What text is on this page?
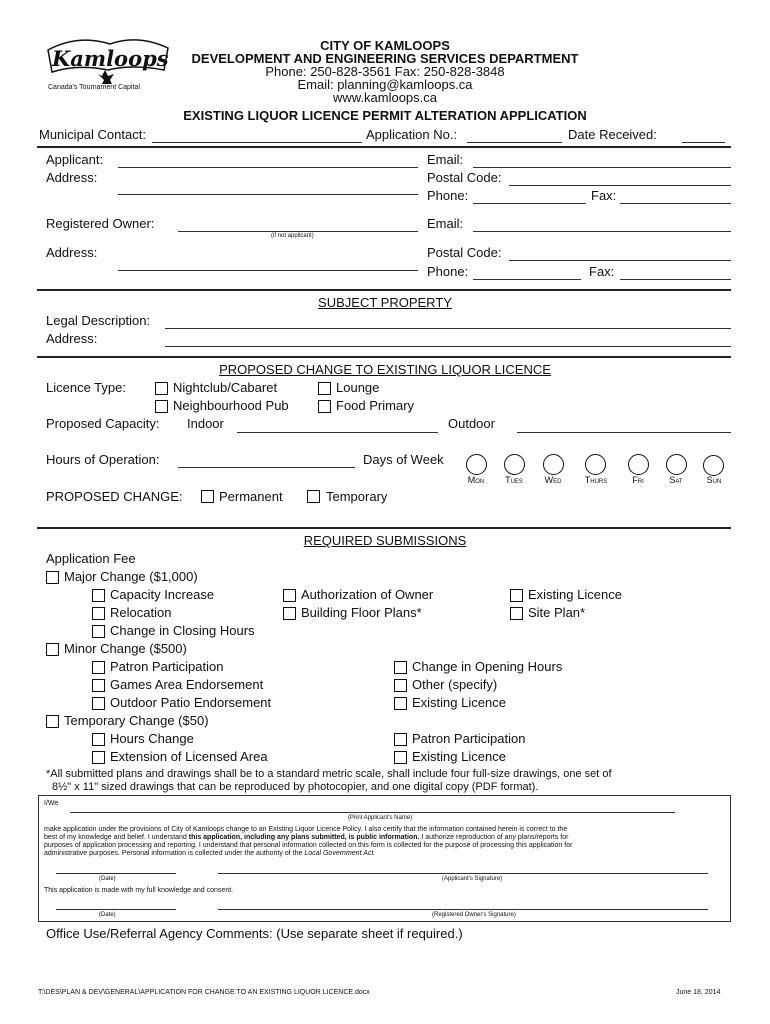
Kamloops
Canada's Tournament Capital
CITY OF KAMLOOPS
DEVELOPMENT AND ENGINEERING SERVICES DEPARTMENT
Phone: 250-828-3561 Fax: 250-828-3848
Email: planning@kamloops.ca
www.kamloops.ca
EXISTING LIQUOR LICENCE PERMIT ALTERATION APPLICATION
Municipal Contact:	Application No.:	Date Received:
Applicant:	Email:
Address:	Postal Code:
Phone:	Fax:
Registered Owner:
(if not applicant)
Email:
Address:	Postal Code:
Phone:	Fax:
SUBJECT PROPERTY
Legal Description:
Address:
PROPOSED CHANGE TO EXISTING LIQUOR LICENCE
Licence Type:	Nightclub/Cabaret	Lounge
Neighbourhood Pub	Food Primary
Proposed Capacity: Indoor	Outdoor
Hours of Operation:	Days of Week
Mon	Tues	Wed	Thurs	Fri	Sat	Sun
PROPOSED CHANGE:	Permanent	Temporary
REQUIRED SUBMISSIONS
Application Fee
Major Change ($1,000)
Capacity Increase	Authorization of Owner	Existing Licence
Relocation	Building Floor Plans*	Site Plan*
Change in Closing Hours
Minor Change ($500)
Patron Participation	Change in Opening Hours
Games Area Endorsement	Other (specify)
Outdoor Patio Endorsement	Existing Licence
Temporary Change ($50)
Hours Change	Patron Participation
Extension of Licensed Area	Existing Licence
*All submitted plans and drawings shall be to a standard metric scale, shall include four full-size drawings, one set of
8½" x 11" sized drawings that can be reproduced by photocopier, and one digital copy (PDF format).
I/We
(Print Applicant's Name)
make application under the provisions of City of Kamloops change to an Existing Liquor Licence Policy. I also certify that the information contained herein is correct to the
best of my knowledge and belief. I understand this application, including any plans submitted, is public information. I authorize reproduction of any plans/reports for
purposes of application processing and reporting. I understand that personal information collected on this form is collected for the purpose of processing this application for
administrative purposes. Personal information is collected under the authority of the Local Government Act.
(Date)	(Applicant's Signature)
This application is made with my full knowledge and consent.
(Date)	(Registered Owner's Signature)
Office Use/Referral Agency Comments: (Use separate sheet if required.)
T:\DES\PLAN & DEV\GENERAL\APPLICATION FOR CHANGE TO AN EXISTING LIQUOR LICENCE.docx	June 18, 2014
